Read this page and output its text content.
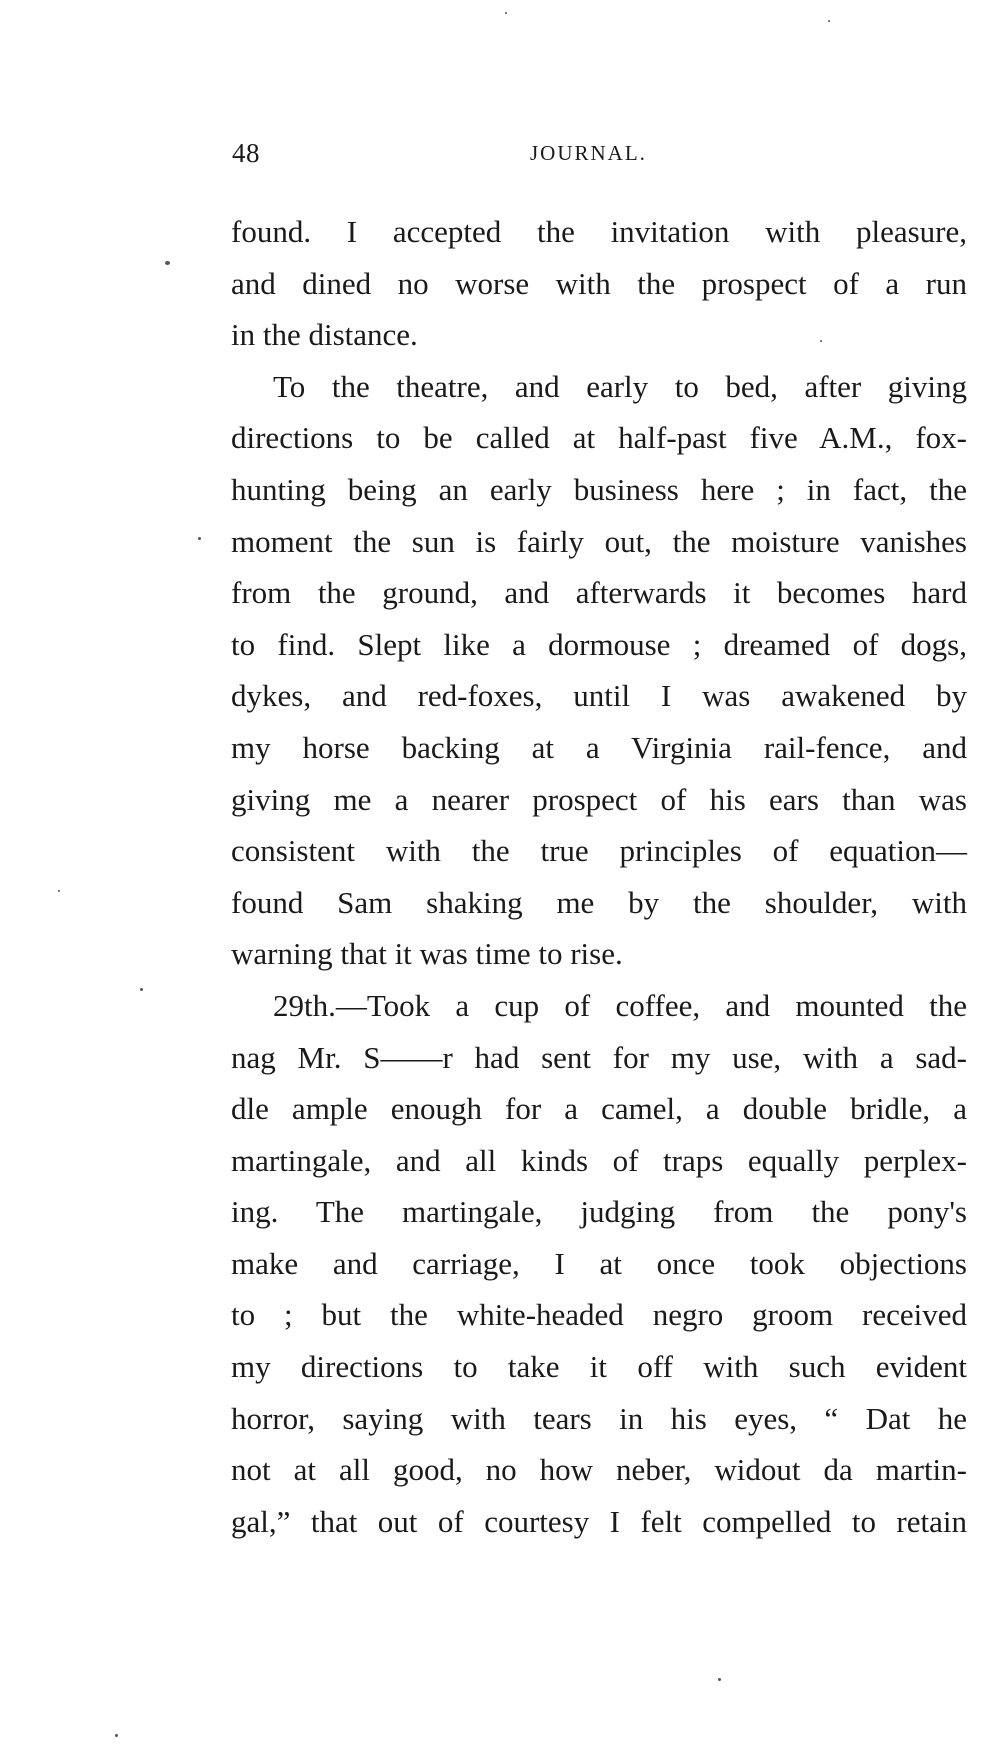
48	JOURNAL.
found. I accepted the invitation with pleasure,
and dined no worse with the prospect of a run
in the distance.
To the theatre, and early to bed, after giving
directions to be called at half-past five A.M., fox-
hunting being an early business here ; in fact, the
moment the sun is fairly out, the moisture vanishes
from the ground, and afterwards it becomes hard
to find. Slept like a dormouse ; dreamed of dogs,
dykes, and red-foxes, until I was awakened by
my horse backing at a Virginia rail-fence, and
giving me a nearer prospect of his ears than was
consistent with the true principles of equation—
found Sam shaking me by the shoulder, with
warning that it was time to rise.
29th.—Took a cup of coffee, and mounted the
nag Mr. S——r had sent for my use, with a sad-
dle ample enough for a camel, a double bridle, a
martingale, and all kinds of traps equally perplex-
ing. The martingale, judging from the pony's
make and carriage, I at once took objections
to ; but the white-headed negro groom received
my directions to take it off with such evident
horror, saying with tears in his eyes, “ Dat he
not at all good, no how neber, widout da martin-
gal,” that out of courtesy I felt compelled to retain
